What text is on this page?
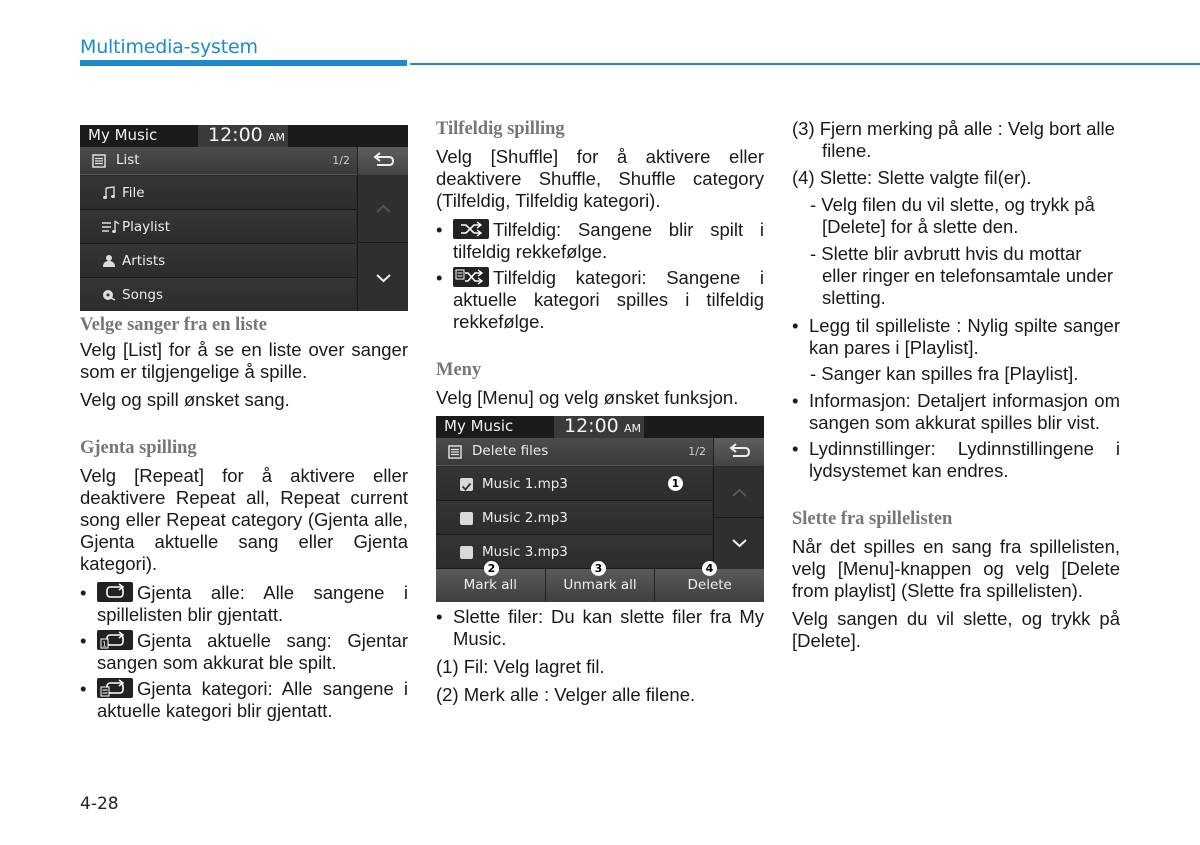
Multimedia-system
My Music	12:00 AM
List	1/2
File
Playlist
Artists
Songs
Velge sanger fra en liste
Velg [List] for å se en liste over sanger som er tilgjengelige å spille.
Velg og spill ønsket sang.
Gjenta spilling
Velg [Repeat] for å aktivere eller deaktivere Repeat all, Repeat current song eller Repeat category (Gjenta alle, Gjenta aktuelle sang eller Gjenta kategori).
• Gjenta alle: Alle sangene i spillelisten blir gjentatt.
• 1 Gjenta aktuelle sang: Gjentar sangen som akkurat ble spilt.
• Gjenta kategori: Alle sangene i aktuelle kategori blir gjentatt.
Tilfeldig spilling
Velg [Shuffle] for å aktivere eller deaktivere Shuffle, Shuffle category (Tilfeldig, Tilfeldig kategori).
• Tilfeldig: Sangene blir spilt i tilfeldig rekkefølge.
• Tilfeldig kategori: Sangene i aktuelle kategori spilles i tilfeldig rekkefølge.
Meny
Velg [Menu] og velg ønsket funksjon.
My Music	12:00 AM
Delete files	1/2
Music 1.mp3	1
Music 2.mp3
Music 3.mp3
Mark all	Unmark all	Delete
2	3	4
• Slette filer: Du kan slette filer fra My Music.
(1) Fil: Velg lagret fil.
(2) Merk alle : Velger alle filene.
(3) Fjern merking på alle : Velg bort alle filene.
(4) Slette: Slette valgte fil(er).
- Velg filen du vil slette, og trykk på [Delete] for å slette den.
- Slette blir avbrutt hvis du mottar eller ringer en telefonsamtale under sletting.
• Legg til spilleliste : Nylig spilte sanger kan pares i [Playlist].
- Sanger kan spilles fra [Playlist].
• Informasjon: Detaljert informasjon om sangen som akkurat spilles blir vist.
• Lydinnstillinger: Lydinnstillingene i lydsystemet kan endres.
Slette fra spillelisten
Når det spilles en sang fra spillelisten, velg [Menu]-knappen og velg [Delete from playlist] (Slette fra spillelisten).
Velg sangen du vil slette, og trykk på [Delete].
4-28
